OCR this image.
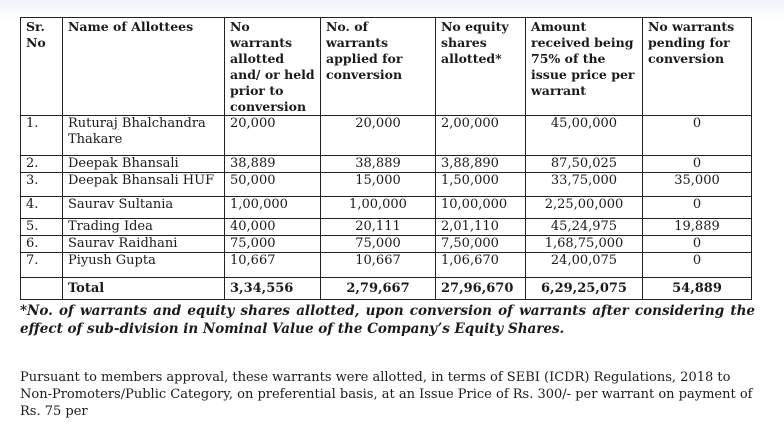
Sr. No	Name of Allottees	No warrants allotted and/ or held prior to conversion	No. of warrants applied for conversion	No equity shares allotted*	Amount received being 75% of the issue price per warrant	No warrants pending for conversion
1.	Ruturaj Bhalchandra Thakare	20,000	20,000	2,00,000	45,00,000	0
2.	Deepak Bhansali	38,889	38,889	3,88,890	87,50,025	0
3.	Deepak Bhansali HUF	50,000	15,000	1,50,000	33,75,000	35,000
4.	Saurav Sultania	1,00,000	1,00,000	10,00,000	2,25,00,000	0
5.	Trading Idea	40,000	20,111	2,01,110	45,24,975	19,889
6.	Saurav Raidhani	75,000	75,000	7,50,000	1,68,75,000	0
7.	Piyush Gupta	10,667	10,667	1,06,670	24,00,075	0
	Total	3,34,556	2,79,667	27,96,670	6,29,25,075	54,889
*No. of warrants and equity shares allotted, upon conversion of warrants after considering the effect of sub-division in Nominal Value of the Company’s Equity Shares.
Pursuant to members approval, these warrants were allotted, in terms of SEBI (ICDR) Regulations, 2018 to Non-Promoters/Public Category, on preferential basis, at an Issue Price of Rs. 300/- per warrant on payment of Rs. 75 per
